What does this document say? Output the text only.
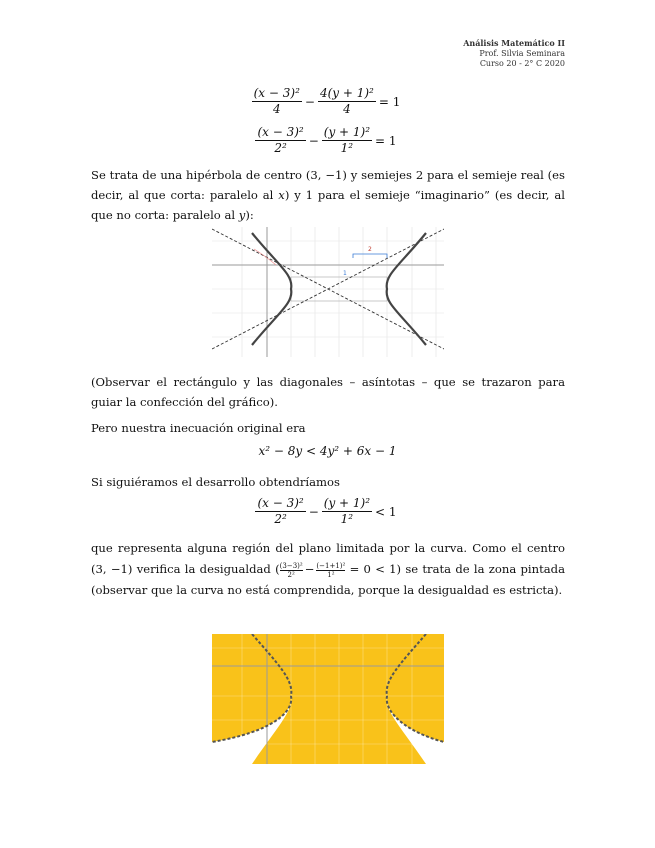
Análisis Matemático II
Prof. Silvia Seminara
Curso 20 - 2° C 2020
$\frac{\text{(x − 3)²}}{4} - \frac{\text{4(y + 1)²}}{4} = 1$
$\frac{\text{(x − 3)²}}{\text{2²}} - \frac{\text{(y + 1)²}}{\text{1²}} = 1$
Se trata de una hipérbola de centro (3, −1) y semiejes 2 para el semieje real (es decir, al que corta: paralelo al x) y 1 para el semieje “imaginario” (es decir, al que no corta: paralelo al y):
2
1
(Observar el rectángulo y las diagonales – asíntotas – que se trazaron para guiar la confección del gráfico).
Pero nuestra inecuación original era
x² − 8y < 4y² + 6x − 1
Si siguiéramos el desarrollo obtendríamos
$\frac{\text{(x − 3)²}}{\text{2²}} - \frac{\text{(y + 1)²}}{\text{1²}} < 1$
que representa alguna región del plano limitada por la curva. Como el centro (3, −1) verifica la desigualdad ( $\frac{\text{(3−3)²}}{\text{2²}} - \frac{\text{(−1+1)²}}{\text{1²}} = 0 < 1$) se trata de la zona pintada (observar que la curva no está comprendida, porque la desigualdad es estricta).
